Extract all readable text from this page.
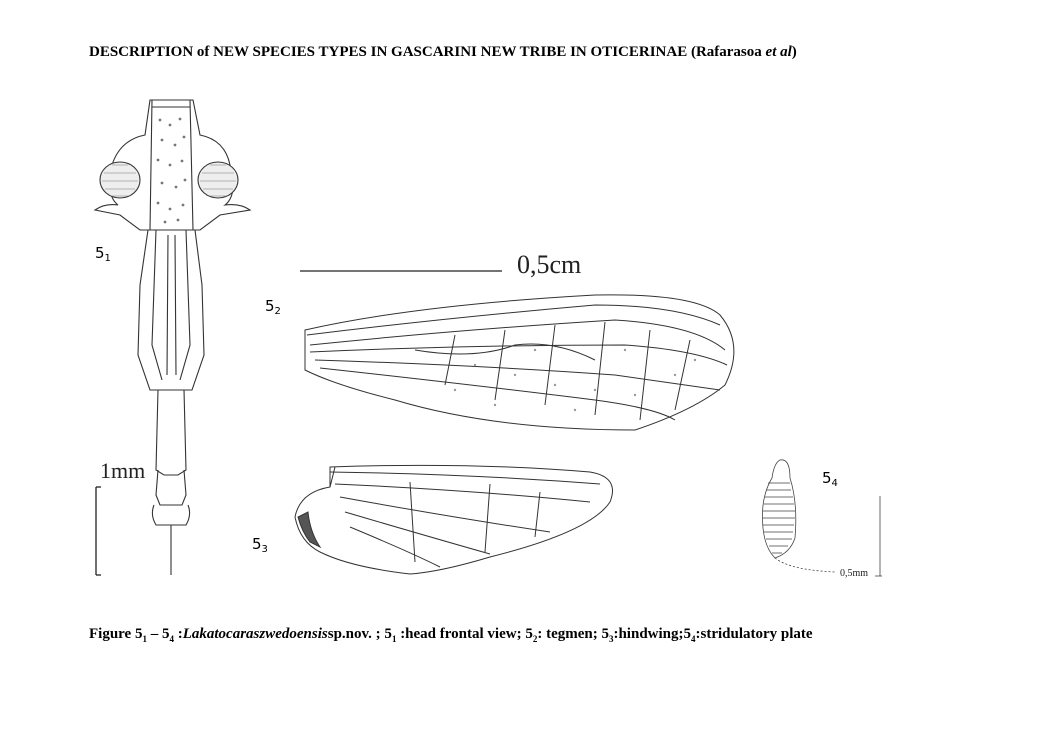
DESCRIPTION of NEW SPECIES TYPES IN GASCARINI NEW TRIBE IN OTICERINAE (Rafarasoa et al)
0,5cm
0,5mm
1mm
$5_1$
$5_2$
$5_3$
$5_4$
Figure $5_1 - 5_4$ :Lakatocaraszwedoensissp.nov. ; $5_1$ :head frontal view; $5_2$: tegmen; $5_3:hindwing;5_4:stridulatory$ plate
